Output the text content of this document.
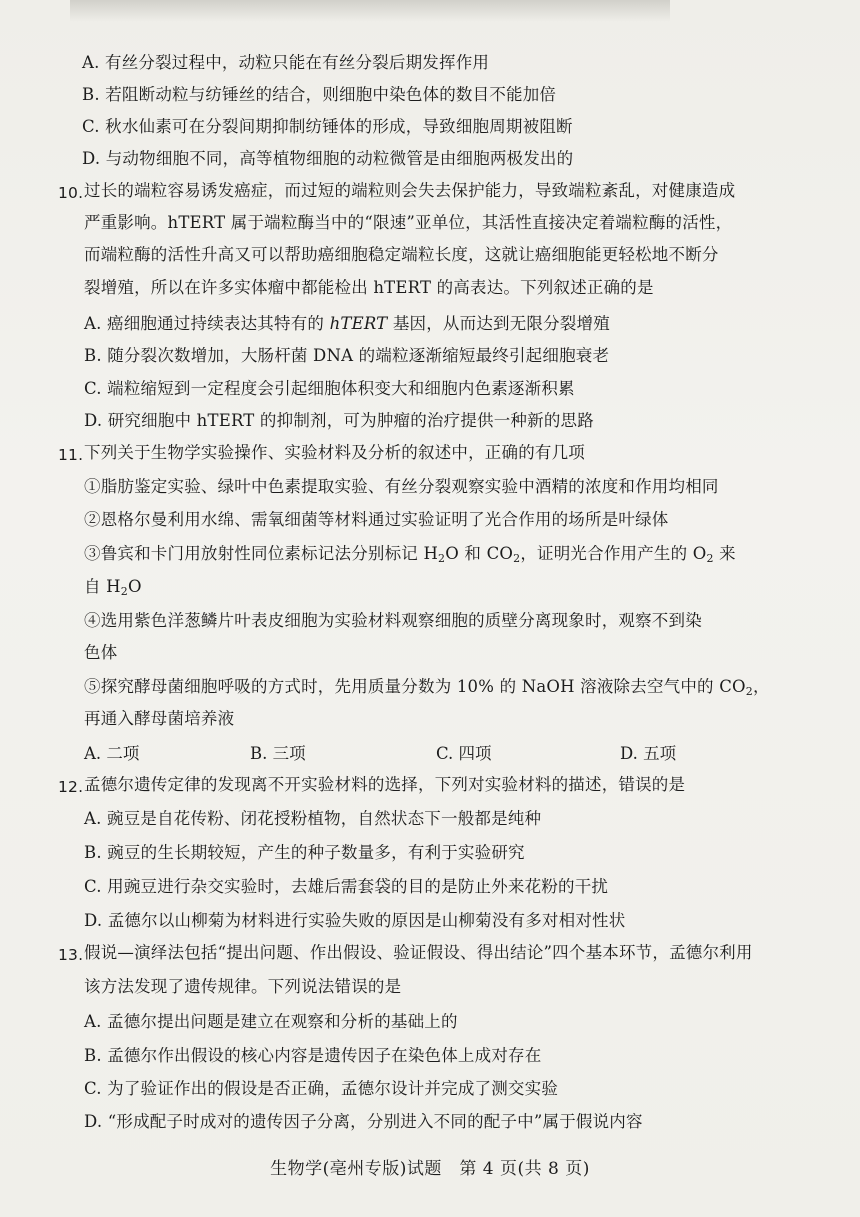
A. 有丝分裂过程中，动粒只能在有丝分裂后期发挥作用
B. 若阻断动粒与纺锤丝的结合，则细胞中染色体的数目不能加倍
C. 秋水仙素可在分裂间期抑制纺锤体的形成，导致细胞周期被阻断
D. 与动物细胞不同，高等植物细胞的动粒微管是由细胞两极发出的
10. 过长的端粒容易诱发癌症，而过短的端粒则会失去保护能力，导致端粒紊乱，对健康造成
严重影响。hTERT 属于端粒酶当中的“限速”亚单位，其活性直接决定着端粒酶的活性，
而端粒酶的活性升高又可以帮助癌细胞稳定端粒长度，这就让癌细胞能更轻松地不断分
裂增殖，所以在许多实体瘤中都能检出 hTERT 的高表达。下列叙述正确的是
A. 癌细胞通过持续表达其特有的 hTERT 基因，从而达到无限分裂增殖
B. 随分裂次数增加，大肠杆菌 DNA 的端粒逐渐缩短最终引起细胞衰老
C. 端粒缩短到一定程度会引起细胞体积变大和细胞内色素逐渐积累
D. 研究细胞中 hTERT 的抑制剂，可为肿瘤的治疗提供一种新的思路
11. 下列关于生物学实验操作、实验材料及分析的叙述中，正确的有几项
①脂肪鉴定实验、绿叶中色素提取实验、有丝分裂观察实验中酒精的浓度和作用均相同
②恩格尔曼利用水绵、需氧细菌等材料通过实验证明了光合作用的场所是叶绿体
③鲁宾和卡门用放射性同位素标记法分别标记 $H_2O$ 和 $CO_2$，证明光合作用产生的 $O_2$ 来
自 $H_2O$
④选用紫色洋葱鳞片叶表皮细胞为实验材料观察细胞的质壁分离现象时，观察不到染
色体
⑤探究酵母菌细胞呼吸的方式时，先用质量分数为 10% 的 NaOH 溶液除去空气中的 $CO_2$，
再通入酵母菌培养液
A. 二项	B. 三项	C. 四项	D. 五项
12. 孟德尔遗传定律的发现离不开实验材料的选择，下列对实验材料的描述，错误的是
A. 豌豆是自花传粉、闭花授粉植物，自然状态下一般都是纯种
B. 豌豆的生长期较短，产生的种子数量多，有利于实验研究
C. 用豌豆进行杂交实验时，去雄后需套袋的目的是防止外来花粉的干扰
D. 孟德尔以山柳菊为材料进行实验失败的原因是山柳菊没有多对相对性状
13. 假说—演绎法包括“提出问题、作出假设、验证假设、得出结论”四个基本环节，孟德尔利用
该方法发现了遗传规律。下列说法错误的是
A. 孟德尔提出问题是建立在观察和分析的基础上的
B. 孟德尔作出假设的核心内容是遗传因子在染色体上成对存在
C. 为了验证作出的假设是否正确，孟德尔设计并完成了测交实验
D. “形成配子时成对的遗传因子分离，分别进入不同的配子中”属于假说内容
生物学(亳州专版)试题　第 4 页(共 8 页)
